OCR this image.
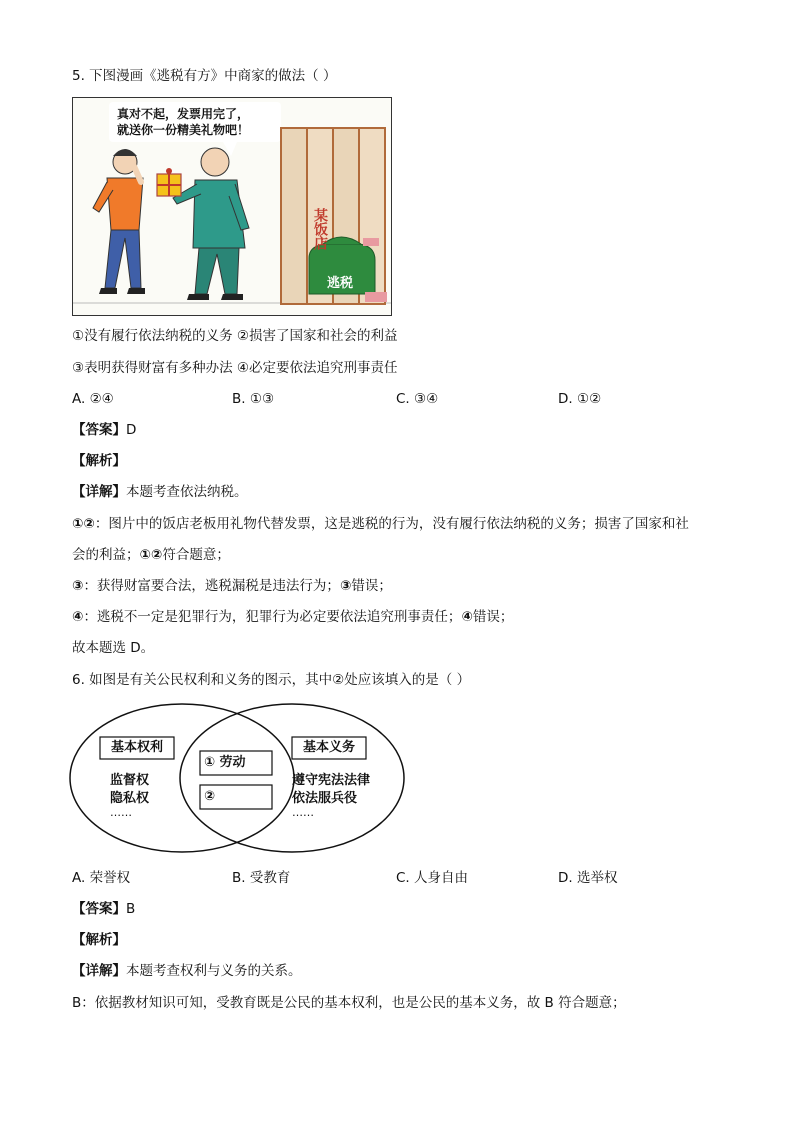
5. 下图漫画《逃税有方》中商家的做法（ ）
真对不起，发票用完了，
就送你一份精美礼物吧！
某饭店
逃税
①没有履行依法纳税的义务 ②损害了国家和社会的利益
③表明获得财富有多种办法 ④必定要依法追究刑事责任
A. ②④	B. ①③	C. ③④	D. ①②
【答案】D
【解析】
【详解】本题考查依法纳税。
①②：图片中的饭店老板用礼物代替发票，这是逃税的行为，没有履行依法纳税的义务；损害了国家和社
会的利益；①②符合题意；
③：获得财富要合法，逃税漏税是违法行为；③错误；
④：逃税不一定是犯罪行为，犯罪行为必定要依法追究刑事责任；④错误；
故本题选 D。
6. 如图是有关公民权利和义务的图示，其中②处应该填入的是（ ）
基本权利
监督权
隐私权
……
基本义务
遵守宪法法律
依法服兵役
……
① 劳动
②
A. 荣誉权	B. 受教育	C. 人身自由	D. 选举权
【答案】B
【解析】
【详解】本题考查权利与义务的关系。
B：依据教材知识可知，受教育既是公民的基本权利，也是公民的基本义务，故 B 符合题意；
